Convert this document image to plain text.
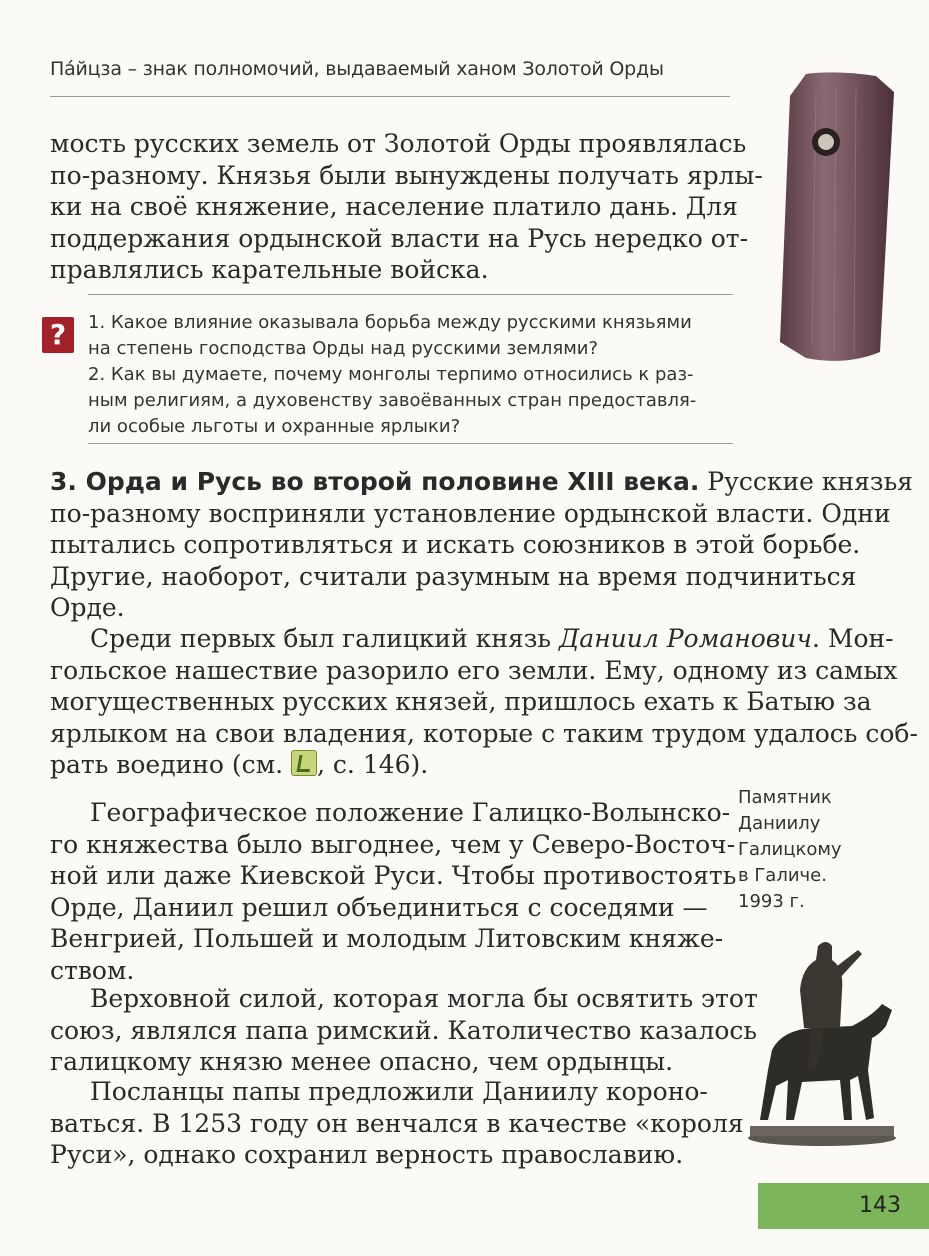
Па́йцза – знак полномочий, выдаваемый ханом Золотой Орды
мость русских земель от Золотой Орды проявлялась
по-разному. Князья были вынуждены получать ярлы-
ки на своё княжение, население платило дань. Для
поддержания ордынской власти на Русь нередко от-
правлялись карательные войска.
?	1. Какое влияние оказывала борьба между русскими князьями
на степень господства Орды над русскими землями?
2. Как вы думаете, почему монголы терпимо относились к раз-
ным религиям, а духовенству завоёванных стран предоставля-
ли особые льготы и охранные ярлыки?
3. Орда и Русь во второй половине XIII века. Русские князья
по-разному восприняли установление ордынской власти. Одни
пытались сопротивляться и искать союзников в этой борьбе.
Другие, наоборот, считали разумным на время подчиниться
Орде.
Среди первых был галицкий князь Даниил Романович. Мон-
гольское нашествие разорило его земли. Ему, одному из самых
могущественных русских князей, пришлось ехать к Батыю за
ярлыком на свои владения, которые с таким трудом удалось соб-
рать воедино (см. , с. 146).
Географическое положение Галицко-Волынско-
го княжества было выгоднее, чем у Северо-Восточ-
ной или даже Киевской Руси. Чтобы противостоять
Орде, Даниил решил объединиться с соседями —
Венгрией, Польшей и молодым Литовским княже-
ством.
Верховной силой, которая могла бы освятить этот
союз, являлся папа римский. Католичество казалось
галицкому князю менее опасно, чем ордынцы.
Посланцы папы предложили Даниилу короно-
ваться. В 1253 году он венчался в качестве «короля
Руси», однако сохранил верность православию.
Памятник
Даниилу
Галицкому
в Галиче.
1993 г.
143
